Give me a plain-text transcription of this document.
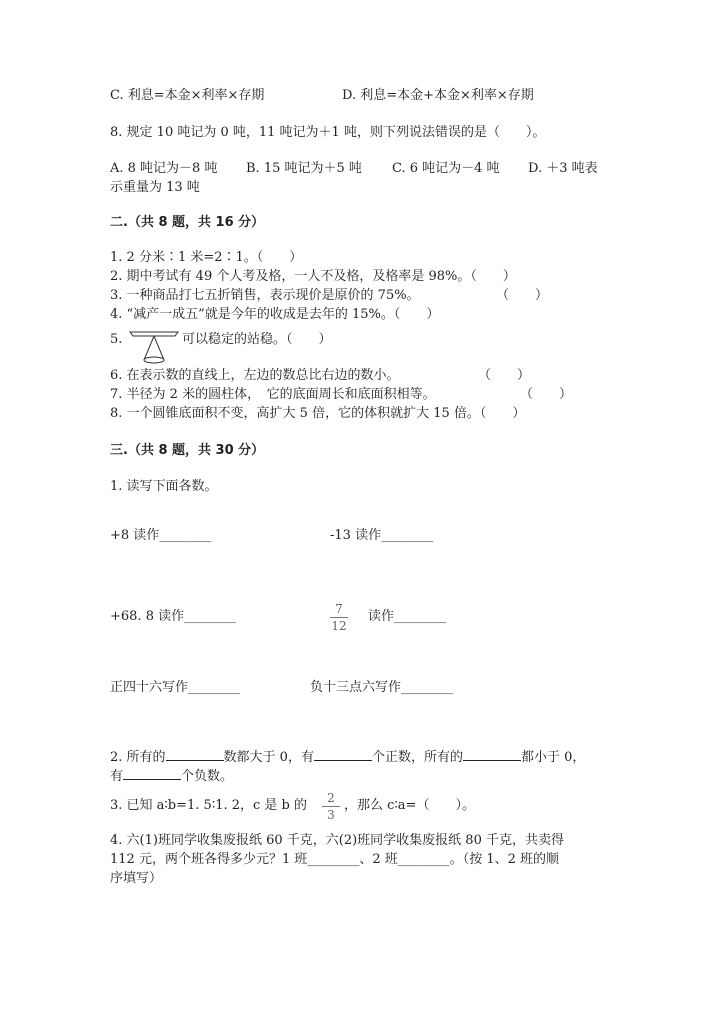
C. 利息=本金×利率×存期	D. 利息=本金+本金×利率×存期
8. 规定 10 吨记为 0 吨，11 吨记为＋1 吨，则下列说法错误的是（　　）。
A. 8 吨记为－8 吨 B. 15 吨记为＋5 吨 C. 6 吨记为－4 吨 D. ＋3 吨表
示重量为 13 吨
二.（共 8 题，共 16 分）
1. 2 分米∶1 米=2∶1。（　　）
2. 期中考试有 49 个人考及格，一人不及格，及格率是 98%。（　　）
3. 一种商品打七五折销售，表示现价是原价的 75%。	（　　）
4. “减产一成五”就是今年的收成是去年的 15%。（　　）
5.	可以稳定的站稳。（　　）
6. 在表示数的直线上，左边的数总比右边的数小。	（　　）
7. 半径为 2 米的圆柱体，　它的底面周长和底面积相等。	（　　）
8. 一个圆锥底面积不变，高扩大 5 倍，它的体积就扩大 15 倍。（　　）
三.（共 8 题，共 30 分）
1. 读写下面各数。
+8 读作________	-13 读作________
+68. 8 读作________	7
12
读作________
正四十六写作________	负十三点六写作________
2. 所有的	数都大于 0，有	个正数，所有的	都小于 0，
有	个负数。
3. 已知 a∶b=1. 5∶1. 2，c 是 b 的	2
3
，那么 c∶a=（　　）。
4. 六(1)班同学收集废报纸 60 千克，六(2)班同学收集废报纸 80 千克，共卖得
112 元，两个班各得多少元？1 班________、2 班________。（按 1、2 班的顺
序填写）
